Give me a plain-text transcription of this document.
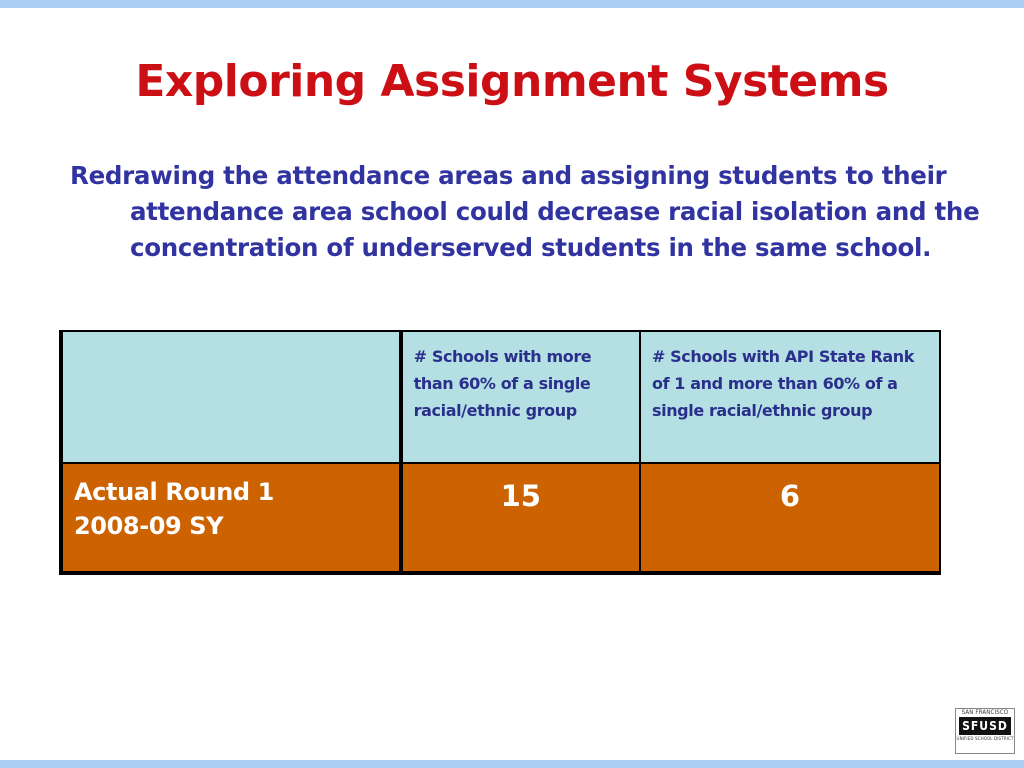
Exploring Assignment Systems
Redrawing the attendance areas and assigning students to their attendance area school could decrease racial isolation and the concentration of underserved students in the same school.

	# Schools with more than 60% of a single racial/ethnic group	# Schools with API State Rank of 1 and more than 60% of a single racial/ethnic group

Actual Round 1
2008-09 SY	15	6
SAN FRANCISCO
SFUSD
UNIFIED SCHOOL DISTRICT
